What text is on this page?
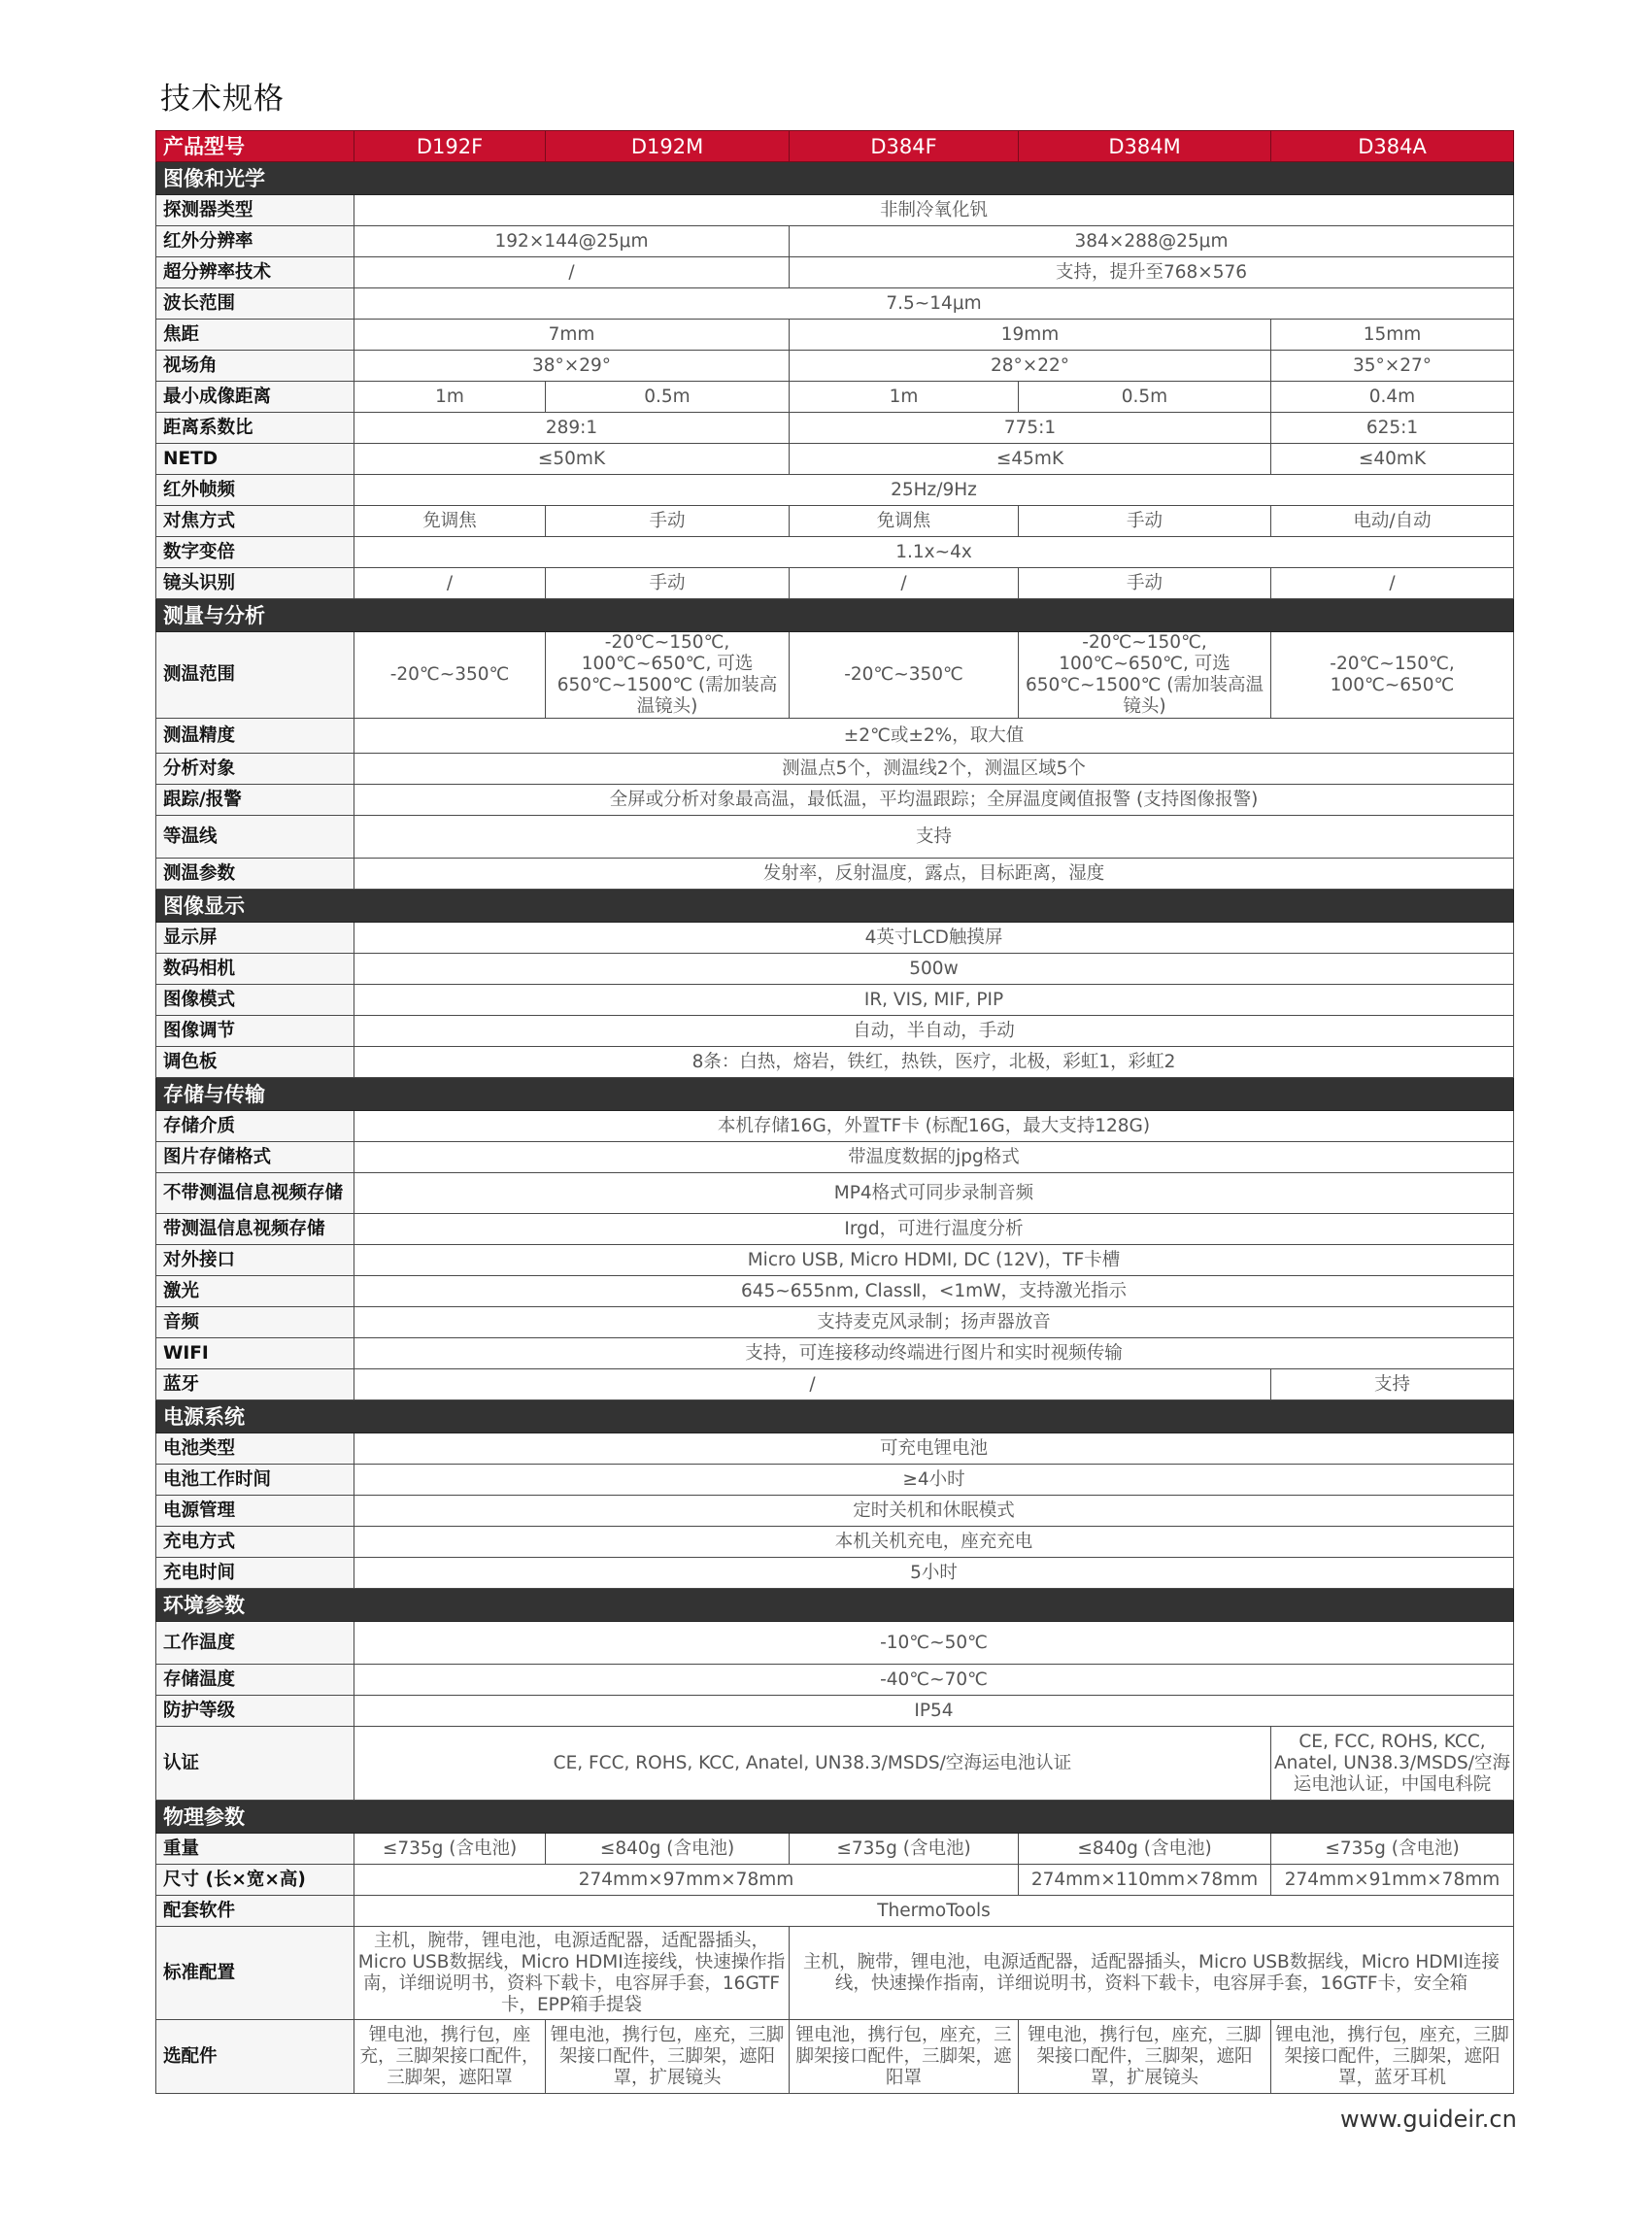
技术规格
产品型号	D192F	D192M	D384F	D384M	D384A
图像和光学					
探测器类型	非制冷氧化钒				
红外分辨率	192×144@25μm		384×288@25μm		
超分辨率技术	/		支持，提升至768×576		
波长范围	7.5~14μm				
焦距	7mm		19mm		15mm
视场角	38°×29°		28°×22°		35°×27°
最小成像距离	1m	0.5m	1m	0.5m	0.4m
距离系数比	289:1		775:1		625:1
NETD	≤50mK		≤45mK		≤40mK
红外帧频	25Hz/9Hz				
对焦方式	免调焦	手动	免调焦	手动	电动/自动
数字变倍	1.1x~4x				
镜头识别	/	手动	/	手动	/
测量与分析					
测温范围	-20℃~350℃	-20℃~150℃, 100℃~650℃, 可选650℃~1500℃ (需加装高温镜头)	-20℃~350℃	-20℃~150℃, 100℃~650℃, 可选650℃~1500℃ (需加装高温镜头)	-20℃~150℃, 100℃~650℃
测温精度	±2℃或±2%，取大值				
分析对象	测温点5个，测温线2个，测温区域5个				
跟踪/报警	全屏或分析对象最高温，最低温，平均温跟踪；全屏温度阈值报警 (支持图像报警)				
等温线	支持				
测温参数	发射率，反射温度，露点，目标距离，湿度				
图像显示					
显示屏	4英寸LCD触摸屏				
数码相机	500w				
图像模式	IR, VIS, MIF, PIP				
图像调节	自动，半自动，手动				
调色板	8条：白热，熔岩，铁红，热铁，医疗，北极，彩虹1，彩虹2				
存储与传输					
存储介质	本机存储16G，外置TF卡 (标配16G，最大支持128G)				
图片存储格式	带温度数据的jpg格式				
不带测温信息视频存储	MP4格式可同步录制音频				
带测温信息视频存储	Irgd，可进行温度分析				
对外接口	Micro USB, Micro HDMI, DC (12V)，TF卡槽				
激光	645~655nm, ClassⅡ，<1mW，支持激光指示				
音频	支持麦克风录制；扬声器放音				
WIFI	支持，可连接移动终端进行图片和实时视频传输				
蓝牙	/				支持
电源系统					
电池类型	可充电锂电池				
电池工作时间	≥4小时				
电源管理	定时关机和休眠模式				
充电方式	本机关机充电，座充充电				
充电时间	5小时				
环境参数					
工作温度	-10℃~50℃				
存储温度	-40℃~70℃				
防护等级	IP54				
认证	CE, FCC, ROHS, KCC, Anatel, UN38.3/MSDS/空海运电池认证				CE, FCC, ROHS, KCC, Anatel, UN38.3/MSDS/空海运电池认证，中国电科院
物理参数					
重量	≤735g (含电池)	≤840g (含电池)	≤735g (含电池)	≤840g (含电池)	≤735g (含电池)
尺寸 (长×宽×高)	274mm×97mm×78mm			274mm×110mm×78mm	274mm×91mm×78mm
配套软件	ThermoTools				
标准配置	主机，腕带，锂电池，电源适配器，适配器插头，Micro USB数据线，Micro HDMI连接线，快速操作指南，详细说明书，资料下载卡，电容屏手套，16GTF卡，EPP箱手提袋		主机，腕带，锂电池，电源适配器，适配器插头，Micro USB数据线，Micro HDMI连接线，快速操作指南，详细说明书，资料下载卡，电容屏手套，16GTF卡，安全箱		
选配件	锂电池，携行包，座充，三脚架接口配件，三脚架，遮阳罩	锂电池，携行包，座充，三脚架接口配件，三脚架，遮阳罩，扩展镜头	锂电池，携行包，座充，三脚架接口配件，三脚架，遮阳罩	锂电池，携行包，座充，三脚架接口配件，三脚架，遮阳罩，扩展镜头	锂电池，携行包，座充，三脚架接口配件，三脚架，遮阳罩，蓝牙耳机
www.guideir.cn
